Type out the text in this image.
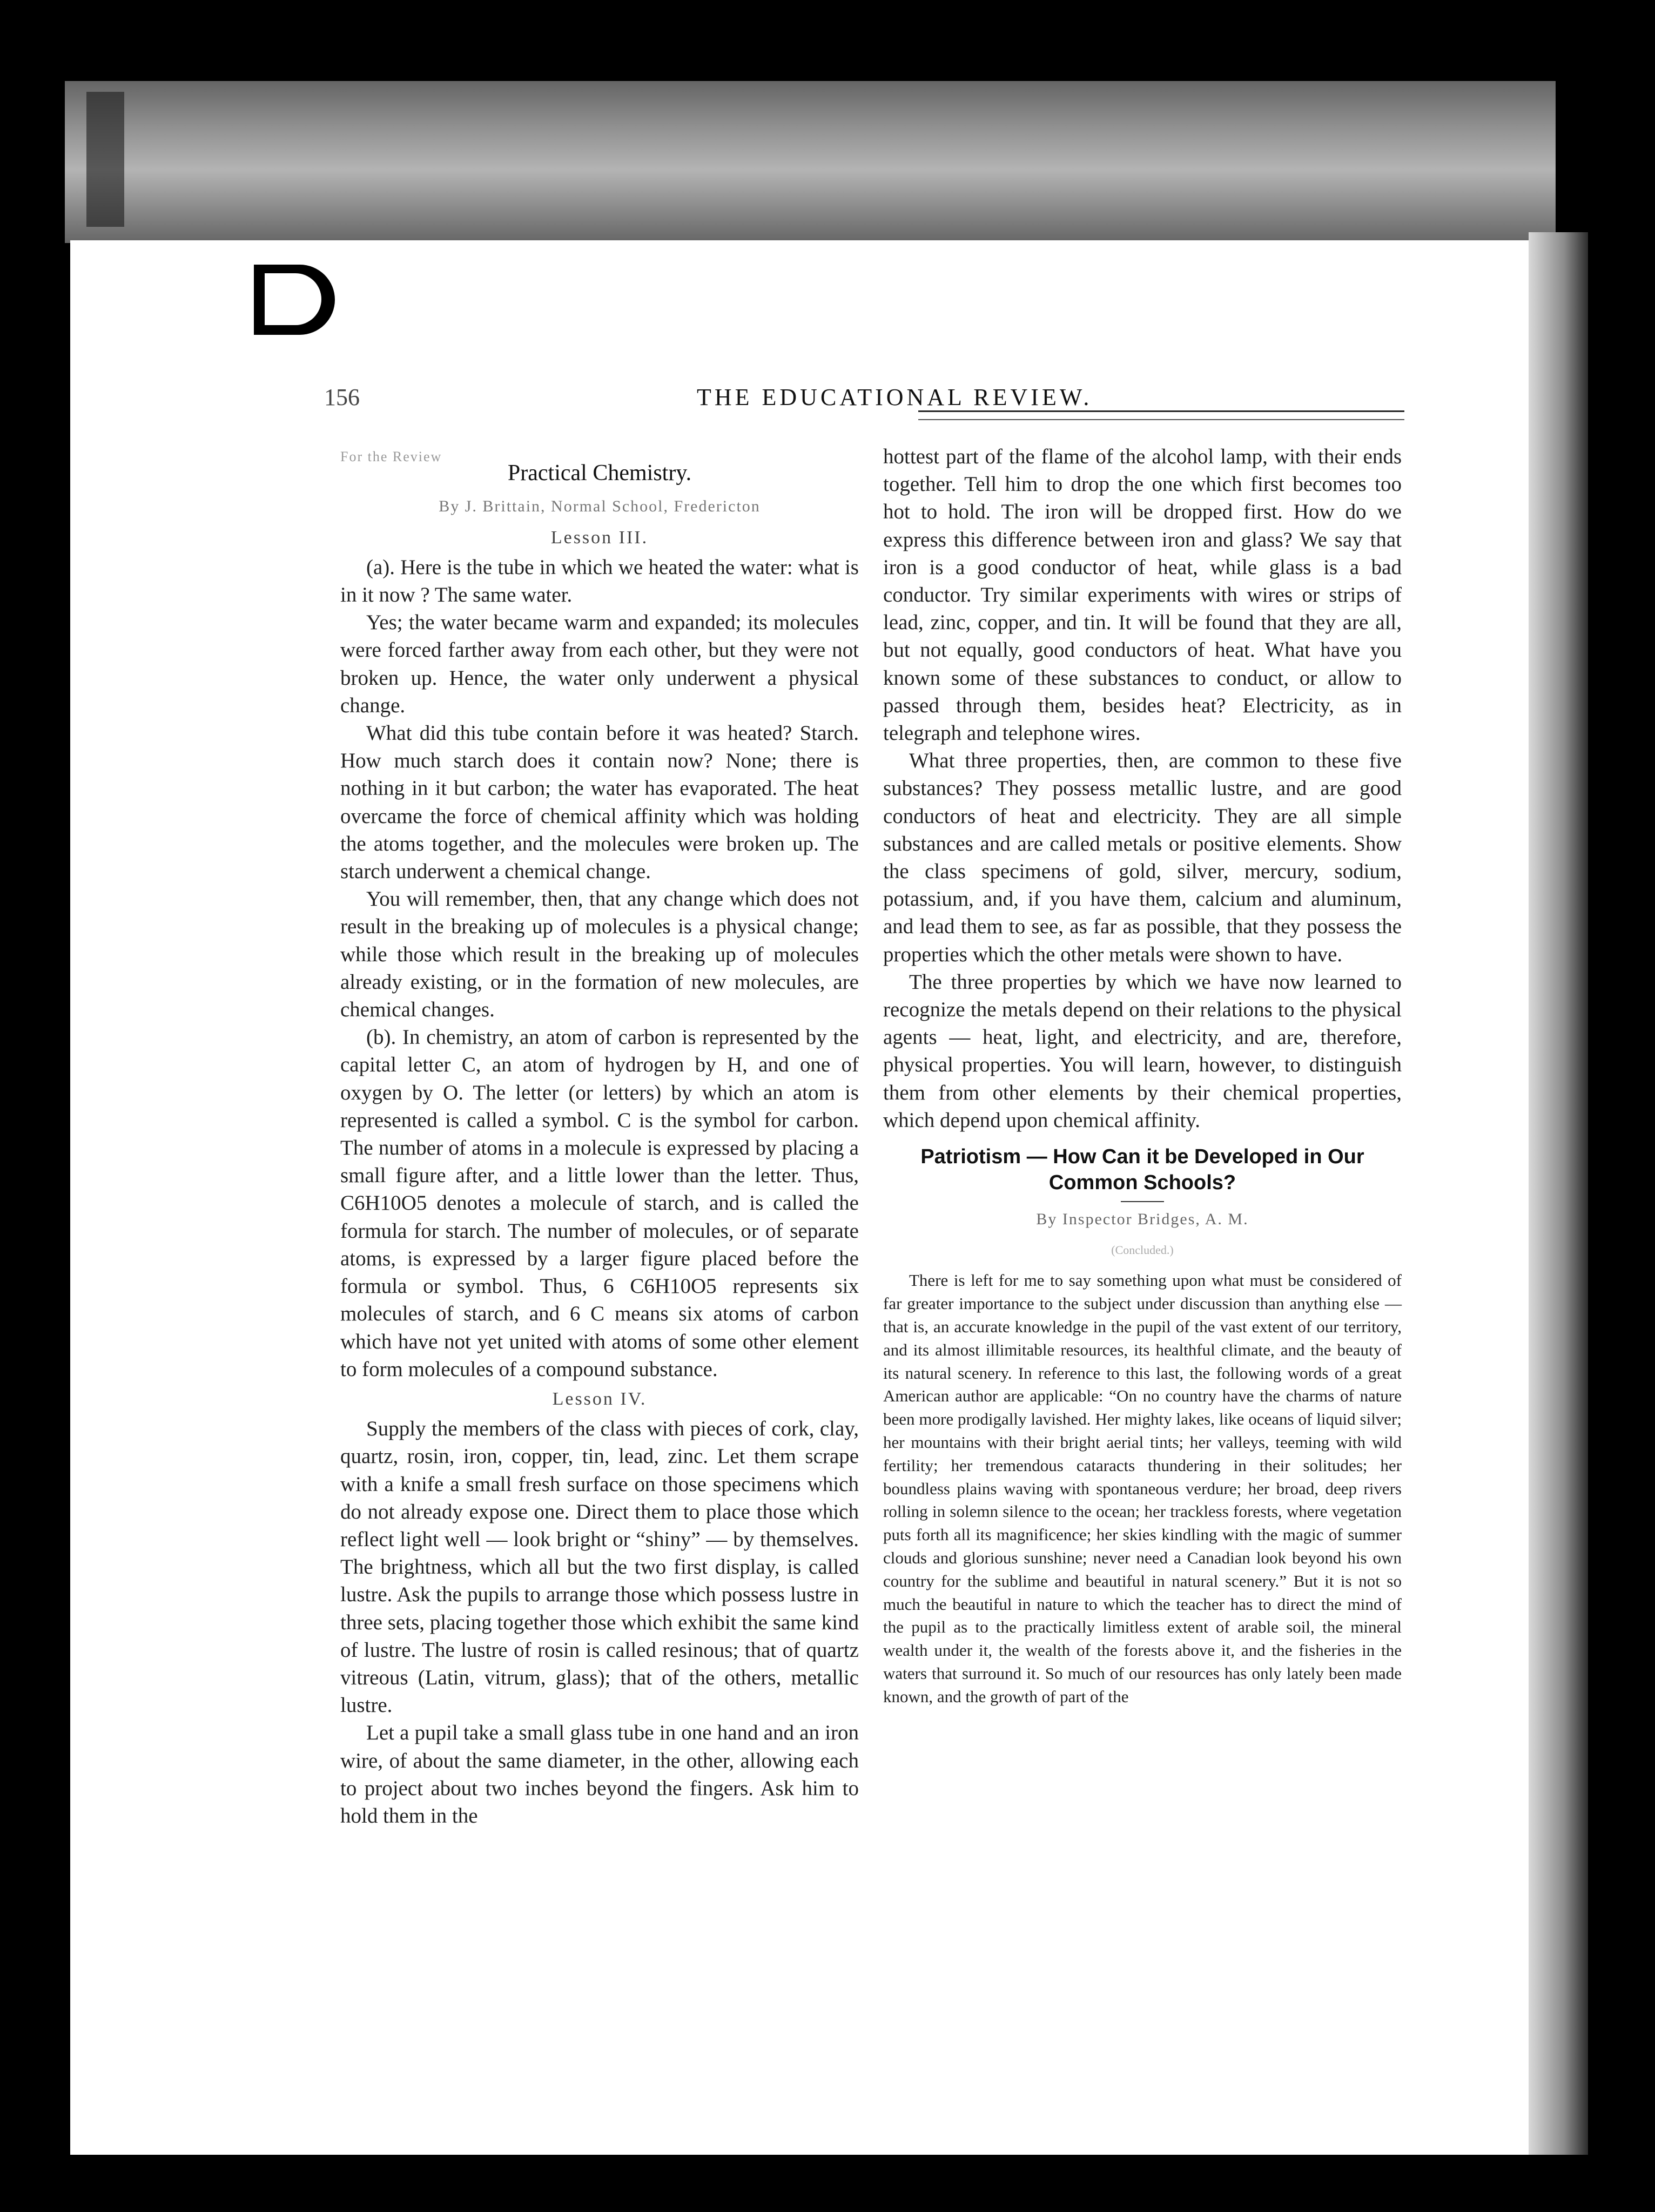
156	THE EDUCATIONAL REVIEW.
For the Review
Practical Chemistry.
By J. Brittain, Normal School, Fredericton
Lesson III.

(a). Here is the tube in which we heated the water: what is in it now ? The same water.

Yes; the water became warm and expanded; its molecules were forced farther away from each other, but they were not broken up. Hence, the water only underwent a physical change.

What did this tube contain before it was heated? Starch. How much starch does it contain now? None; there is nothing in it but carbon; the water has evaporated. The heat overcame the force of chemical affinity which was holding the atoms together, and the molecules were broken up. The starch underwent a chemical change.

You will remember, then, that any change which does not result in the breaking up of molecules is a physical change; while those which result in the breaking up of molecules already existing, or in the formation of new molecules, are chemical changes.

(b). In chemistry, an atom of carbon is represented by the capital letter C, an atom of hydrogen by H, and one of oxygen by O. The letter (or letters) by which an atom is represented is called a symbol. C is the symbol for carbon. The number of atoms in a molecule is expressed by placing a small figure after, and a little lower than the letter. Thus, C6H10O5 denotes a molecule of starch, and is called the formula for starch. The number of molecules, or of separate atoms, is expressed by a larger figure placed before the formula or symbol. Thus, 6 C6H10O5 represents six molecules of starch, and 6 C means six atoms of carbon which have not yet united with atoms of some other element to form molecules of a compound substance.

Lesson IV.

Supply the members of the class with pieces of cork, clay, quartz, rosin, iron, copper, tin, lead, zinc. Let them scrape with a knife a small fresh surface on those specimens which do not already expose one. Direct them to place those which reflect light well — look bright or “shiny” — by themselves. The brightness, which all but the two first display, is called lustre. Ask the pupils to arrange those which possess lustre in three sets, placing together those which exhibit the same kind of lustre. The lustre of rosin is called resinous; that of quartz vitreous (Latin, vitrum, glass); that of the others, metallic lustre.

Let a pupil take a small glass tube in one hand and an iron wire, of about the same diameter, in the other, allowing each to project about two inches beyond the fingers. Ask him to hold them in the

hottest part of the flame of the alcohol lamp, with their ends together. Tell him to drop the one which first becomes too hot to hold. The iron will be dropped first. How do we express this difference between iron and glass? We say that iron is a good conductor of heat, while glass is a bad conductor. Try similar experiments with wires or strips of lead, zinc, copper, and tin. It will be found that they are all, but not equally, good conductors of heat. What have you known some of these substances to conduct, or allow to passed through them, besides heat? Electricity, as in telegraph and telephone wires.

What three properties, then, are common to these five substances? They possess metallic lustre, and are good conductors of heat and electricity. They are all simple substances and are called metals or positive elements. Show the class specimens of gold, silver, mercury, sodium, potassium, and, if you have them, calcium and aluminum, and lead them to see, as far as possible, that they possess the properties which the other metals were shown to have.

The three properties by which we have now learned to recognize the metals depend on their relations to the physical agents — heat, light, and electricity, and are, therefore, physical properties. You will learn, however, to distinguish them from other elements by their chemical properties, which depend upon chemical affinity.

Patriotism — How Can it be Developed in Our Common Schools?
By Inspector Bridges, A. M.
(Concluded.)

There is left for me to say something upon what must be considered of far greater importance to the subject under discussion than anything else — that is, an accurate knowledge in the pupil of the vast extent of our territory, and its almost illimitable resources, its healthful climate, and the beauty of its natural scenery. In reference to this last, the following words of a great American author are applicable: “On no country have the charms of nature been more prodigally lavished. Her mighty lakes, like oceans of liquid silver; her mountains with their bright aerial tints; her valleys, teeming with wild fertility; her tremendous cataracts thundering in their solitudes; her boundless plains waving with spontaneous verdure; her broad, deep rivers rolling in solemn silence to the ocean; her trackless forests, where vegetation puts forth all its magnificence; her skies kindling with the magic of summer clouds and glorious sunshine; never need a Canadian look beyond his own country for the sublime and beautiful in natural scenery.” But it is not so much the beautiful in nature to which the teacher has to direct the mind of the pupil as to the practically limitless extent of arable soil, the mineral wealth under it, the wealth of the forests above it, and the fisheries in the waters that surround it. So much of our resources has only lately been made known, and the growth of part of the
